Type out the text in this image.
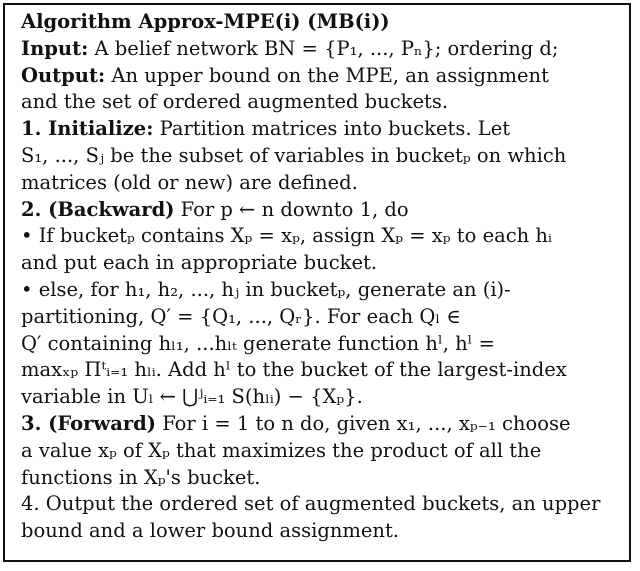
Algorithm Approx-MPE(i) (MB(i))
Input: A belief network BN = {P₁, ..., Pₙ}; ordering d;
Output: An upper bound on the MPE, an assignment
and the set of ordered augmented buckets.
1. Initialize: Partition matrices into buckets. Let
S₁, ..., Sⱼ be the subset of variables in bucketₚ on which
matrices (old or new) are defined.
2. (Backward) For p ← n downto 1, do
• If bucketₚ contains Xₚ = xₚ, assign Xₚ = xₚ to each hᵢ
and put each in appropriate bucket.
• else, for h₁, h₂, ..., hⱼ in bucketₚ, generate an (i)-
partitioning, Q′ = {Q₁, ..., Qᵣ}. For each Qₗ ∈
Q′ containing hₗ₁, ...hₗₜ generate function hˡ, hˡ =
maxₓₚ Πᵗᵢ₌₁ hₗᵢ. Add hˡ to the bucket of the largest-index
variable in Uₗ ← ⋃ʲᵢ₌₁ S(hₗᵢ) − {Xₚ}.
3. (Forward) For i = 1 to n do, given x₁, ..., xₚ₋₁ choose
a value xₚ of Xₚ that maximizes the product of all the
functions in Xₚ's bucket.
4. Output the ordered set of augmented buckets, an upper
bound and a lower bound assignment.
